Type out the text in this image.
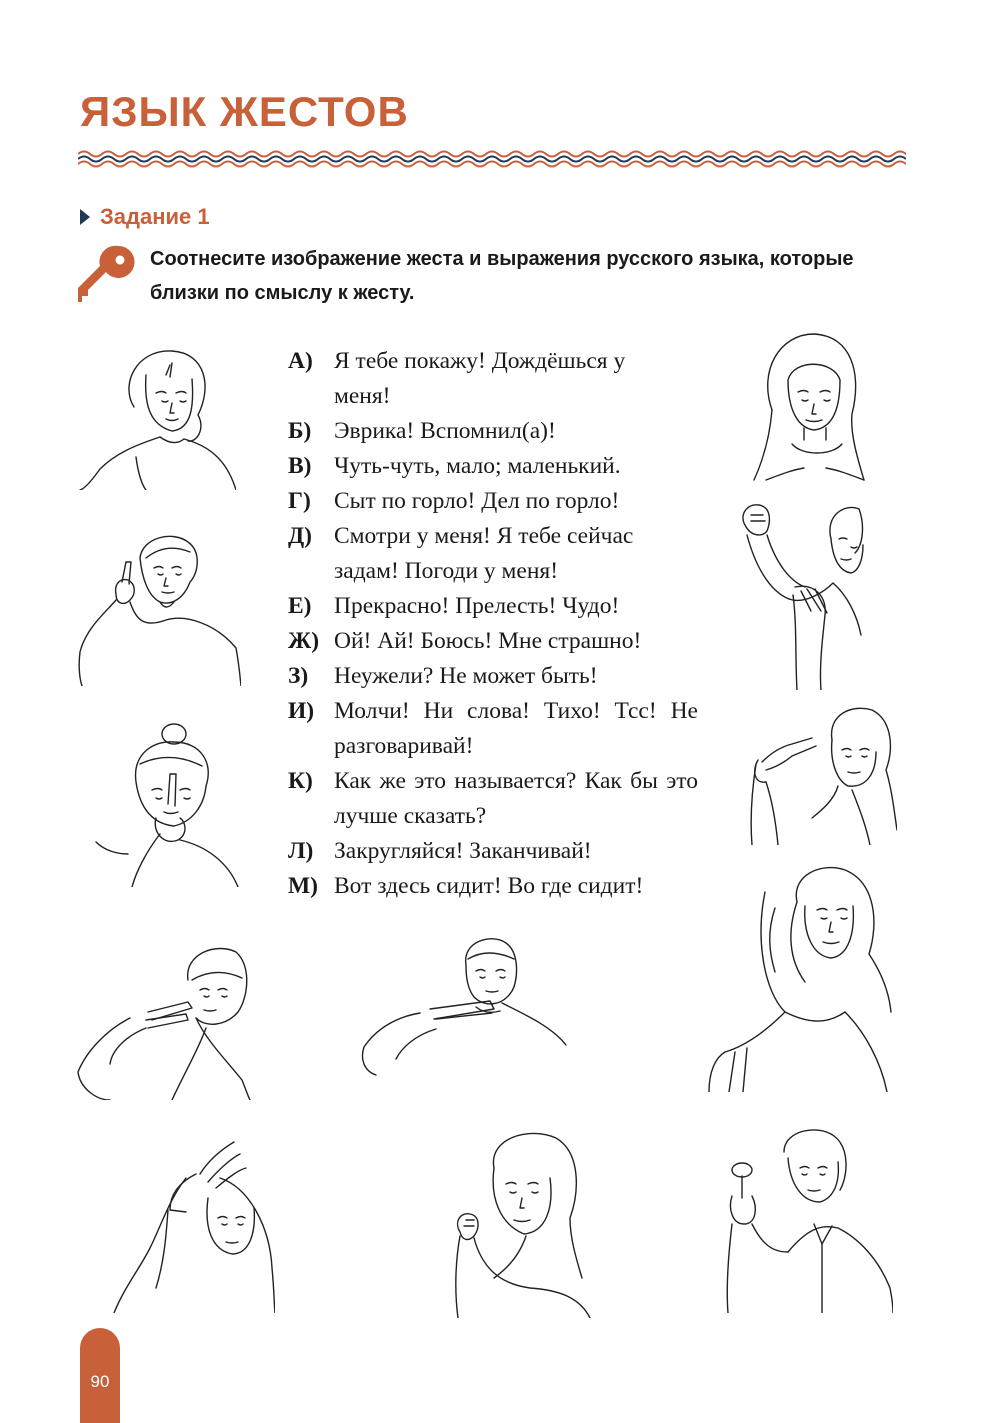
ЯЗЫК ЖЕСТОВ
Задание 1

Соотнесите изображение жеста и выражения русского языка, которые близки по смыслу к жесту.

А) Я тебе покажу! Дождёшься у меня!
Б) Эврика! Вспомнил(а)!
В) Чуть-чуть, мало; маленький.
Г) Сыт по горло! Дел по горло!
Д) Смотри у меня! Я тебе сейчас задам! Погоди у меня!
Е) Прекрасно! Прелесть! Чудо!
Ж) Ой! Ай! Боюсь! Мне страшно!
З)	Неужели? Не может быть!
И) Молчи! Ни слова! Тихо! Тсс! Не разговаривай!
К) Как же это называется? Как бы это лучше сказать?
Л) Закругляйся! Заканчивай!
М) Вот здесь сидит! Во где сидит!
90
